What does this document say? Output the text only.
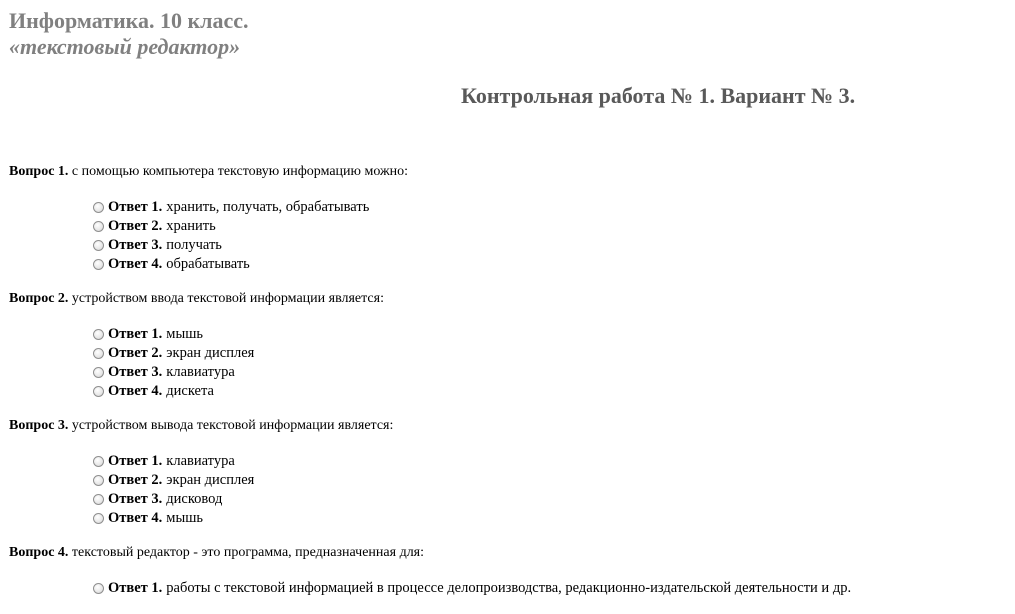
Информатика. 10 класс.
«текстовый редактор»
Контрольная работа № 1. Вариант № 3.
Вопрос 1. с помощью компьютера текстовую информацию можно:
Ответ 1. хранить, получать, обрабатывать
Ответ 2. хранить
Ответ 3. получать
Ответ 4. обрабатывать
Вопрос 2. устройством ввода текстовой информации является:
Ответ 1. мышь
Ответ 2. экран дисплея
Ответ 3. клавиатура
Ответ 4. дискета
Вопрос 3. устройством вывода текстовой информации является:
Ответ 1. клавиатура
Ответ 2. экран дисплея
Ответ 3. дисковод
Ответ 4. мышь
Вопрос 4. текстовый редактор - это программа, предназначенная для:
Ответ 1. работы с текстовой информацией в процессе делопроизводства, редакционно-издательской деятельности и др.
